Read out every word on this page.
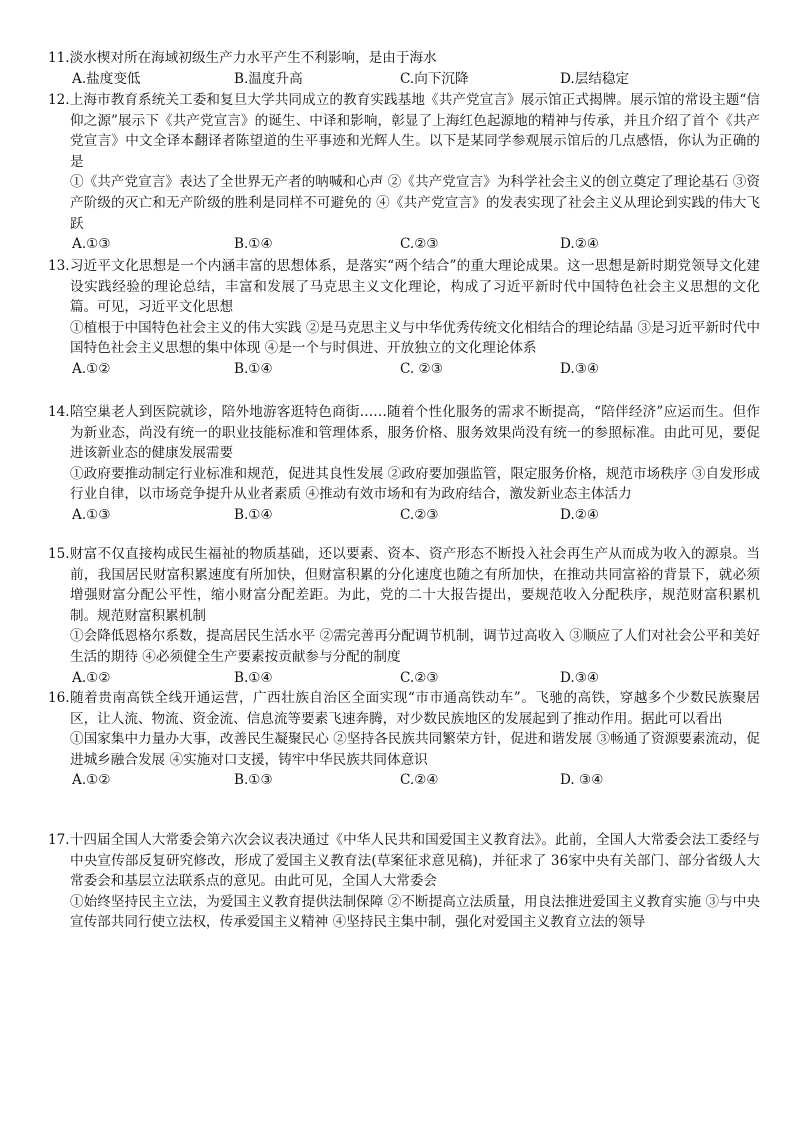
11.淡水楔对所在海域初级生产力水平产生不利影响，是由于海水
A.盐度变低	B.温度升高	C.向下沉降	D.层结稳定
12.上海市教育系统关工委和复旦大学共同成立的教育实践基地《共产党宣言》展示馆正式揭牌。展示馆的常设主题“信仰之源”展示下《共产党宣言》的诞生、中译和影响，彰显了上海红色起源地的精神与传承，并且介绍了首个《共产党宣言》中文全译本翻译者陈望道的生平事迹和光辉人生。以下是某同学参观展示馆后的几点感悟，你认为正确的是
①《共产党宣言》表达了全世界无产者的呐喊和心声 ②《共产党宣言》为科学社会主义的创立奠定了理论基石 ③资产阶级的灭亡和无产阶级的胜利是同样不可避免的 ④《共产党宣言》的发表实现了社会主义从理论到实践的伟大飞跃
A.①③	B.①④	C.②③	D.②④
13.习近平文化思想是一个内涵丰富的思想体系，是落实“两个结合”的重大理论成果。这一思想是新时期党领导文化建设实践经验的理论总结，丰富和发展了马克思主义文化理论，构成了习近平新时代中国特色社会主义思想的文化篇。可见，习近平文化思想
①植根于中国特色社会主义的伟大实践 ②是马克思主义与中华优秀传统文化相结合的理论结晶 ③是习近平新时代中国特色社会主义思想的集中体现 ④是一个与时俱进、开放独立的文化理论体系
A.①②	B.①④	C. ②③	D.③④
14.陪空巢老人到医院就诊，陪外地游客逛特色商街……随着个性化服务的需求不断提高，“陪伴经济”应运而生。但作为新业态，尚没有统一的职业技能标准和管理体系，服务价格、服务效果尚没有统一的参照标准。由此可见，要促进该新业态的健康发展需要
①政府要推动制定行业标准和规范，促进其良性发展 ②政府要加强监管，限定服务价格，规范市场秩序 ③自发形成行业自律，以市场竞争提升从业者素质 ④推动有效市场和有为政府结合，激发新业态主体活力
A.①③	B.①④	C.②③	D.②④
15.财富不仅直接构成民生福祉的物质基础，还以要素、资本、资产形态不断投入社会再生产从而成为收入的源泉。当前，我国居民财富积累速度有所加快，但财富积累的分化速度也随之有所加快，在推动共同富裕的背景下，就必须增强财富分配公平性，缩小财富分配差距。为此，党的二十大报告提出，要规范收入分配秩序，规范财富积累机制。规范财富积累机制
①会降低恩格尔系数，提高居民生活水平 ②需完善再分配调节机制，调节过高收入 ③顺应了人们对社会公平和美好生活的期待 ④必须健全生产要素按贡献参与分配的制度
A.①②	B.①④	C.②③	D.③④
16.随着贵南高铁全线开通运营，广西壮族自治区全面实现“市市通高铁动车”。飞驰的高铁，穿越多个少数民族聚居区，让人流、物流、资金流、信息流等要素飞速奔腾，对少数民族地区的发展起到了推动作用。据此可以看出
①国家集中力量办大事，改善民生凝聚民心 ②坚持各民族共同繁荣方针，促进和谐发展 ③畅通了资源要素流动，促进城乡融合发展 ④实施对口支援，铸牢中华民族共同体意识
A.①②	B.①③	C.②④	D. ③④
17.十四届全国人大常委会第六次会议表决通过《中华人民共和国爱国主义教育法》。此前，全国人大常委会法工委经与中央宣传部反复研究修改，形成了爱国主义教育法(草案征求意见稿)，并征求了 36家中央有关部门、部分省级人大常委会和基层立法联系点的意见。由此可见，全国人大常委会
①始终坚持民主立法，为爱国主义教育提供法制保障 ②不断提高立法质量，用良法推进爱国主义教育实施 ③与中央宣传部共同行使立法权，传承爱国主义精神 ④坚持民主集中制，强化对爱国主义教育立法的领导
